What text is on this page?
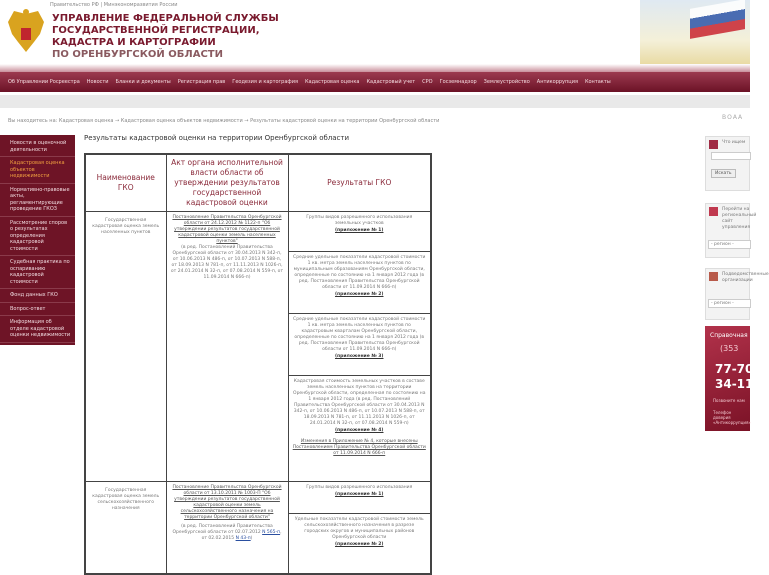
Правительство РФ | Минэкономразвития России
УПРАВЛЕНИЕ ФЕДЕРАЛЬНОЙ СЛУЖБЫ
ГОСУДАРСТВЕННОЙ РЕГИСТРАЦИИ,
КАДАСТРА И КАРТОГРАФИИ
ПО ОРЕНБУРГСКОЙ ОБЛАСТИ
Об Управлении Росреестра Новости Бланки и документы Регистрация прав Геодезия и картография Кадастровая оценка Кадастровый учет СРО Госземнадзор Землеустройство Антикоррупция Контакты
Вы находитесь на: Кадастровая оценка → Кадастровая оценка объектов недвижимости → Результаты кадастровой оценки на территории Оренбургской области
Новости в оценочной деятельности
Кадастровая оценка объектов недвижимости
Нормативно-правовые акты, регламентирующие проведение ГКОЗ
Рассмотрение споров о результатах определения кадастровой стоимости
Судебная практика по оспариванию кадастровой стоимости
Фонд данных ГКО
Вопрос-ответ
Информация об отделе кадастровой оценки недвижимости
Результаты кадастровой оценки на территории Оренбургской области
Наименование ГКО	Акт органа исполнительной власти области об утверждении результатов государственной кадастровой оценки	Результаты ГКО
Государственная кадастровая оценка земель населенных пунктов	Постановление Правительства Оренбургской области от 24.12.2012 № 1122-п "Об утверждении результатов государственной кадастровой оценки земель населенных пунктов"
(в ред. Постановлений Правительства Оренбургской области от 30.04.2013 N 342-п, от 10.06.2013 N 486-п, от 10.07.2013 N 588-п, от 18.09.2013 N 781-п, от 11.11.2013 N 1026-п, от 24.01.2014 N 32-п, от 07.08.2014 N 559-п, от 11.09.2014 N 666-п)	Группы видов разрешенного использования земельных участков
(приложение № 1)

		Средние удельные показатели кадастровой стоимости 1 кв. метра земель населенных пунктов по муниципальным образованиям Оренбургской области, определенные по состоянию на 1 января 2012 года (в ред. Постановления Правительства Оренбургской области от 11.09.2014 N 666-п)
(приложение № 2)

		Средние удельные показатели кадастровой стоимости 1 кв. метра земель населенных пунктов по кадастровым кварталам Оренбургской области, определенные по состоянию на 1 января 2012 года (в ред. Постановления Правительства Оренбургской области от 11.09.2014 N 666-п)
(приложение № 3)

		Кадастровая стоимость земельных участков в составе земель населенных пунктов на территории Оренбургской области, определенная по состоянию на 1 января 2012 года (в ред. Постановлений Правительства Оренбургской области от 30.04.2013 N 342-п, от 10.06.2013 N 486-п, от 10.07.2013 N 588-п, от 18.09.2013 N 781-п, от 11.11.2013 N 1026-п, от 24.01.2014 N 32-п, от 07.08.2014 N 559-п)
(приложение № 4)
Изменения в Приложение № 4, которые внесены Постановлением Правительства Оренбургской области от 11.09.2014 N 666-п

Государственная кадастровая оценка земель сельскохозяйственного назначения	Постановление Правительства Оренбургской области от 13.10.2011 № 1003-П "Об утверждении результатов государственной кадастровой оценки земель сельскохозяйственного назначения на территории Оренбургской области"
(в ред. Постановлений Правительства Оренбургской области от 02.07.2012 N 565-п, от 02.02.2015 N 43-п)	Группы видов разрешенного использования
(приложение № 1)

		Удельные показатели кадастровой стоимости земель сельскохозяйственного назначения в разрезе городских округов и муниципальных районов Оренбургской области
(приложение № 2)
ВОАА
Что ищем
Искать
Перейти на региональный сайт управления
- регион -
Подведомственные организации
- регион -
Справочная
(353
77-70
34-11
Позвоните нам
Телефон доверия «Антикоррупция»
